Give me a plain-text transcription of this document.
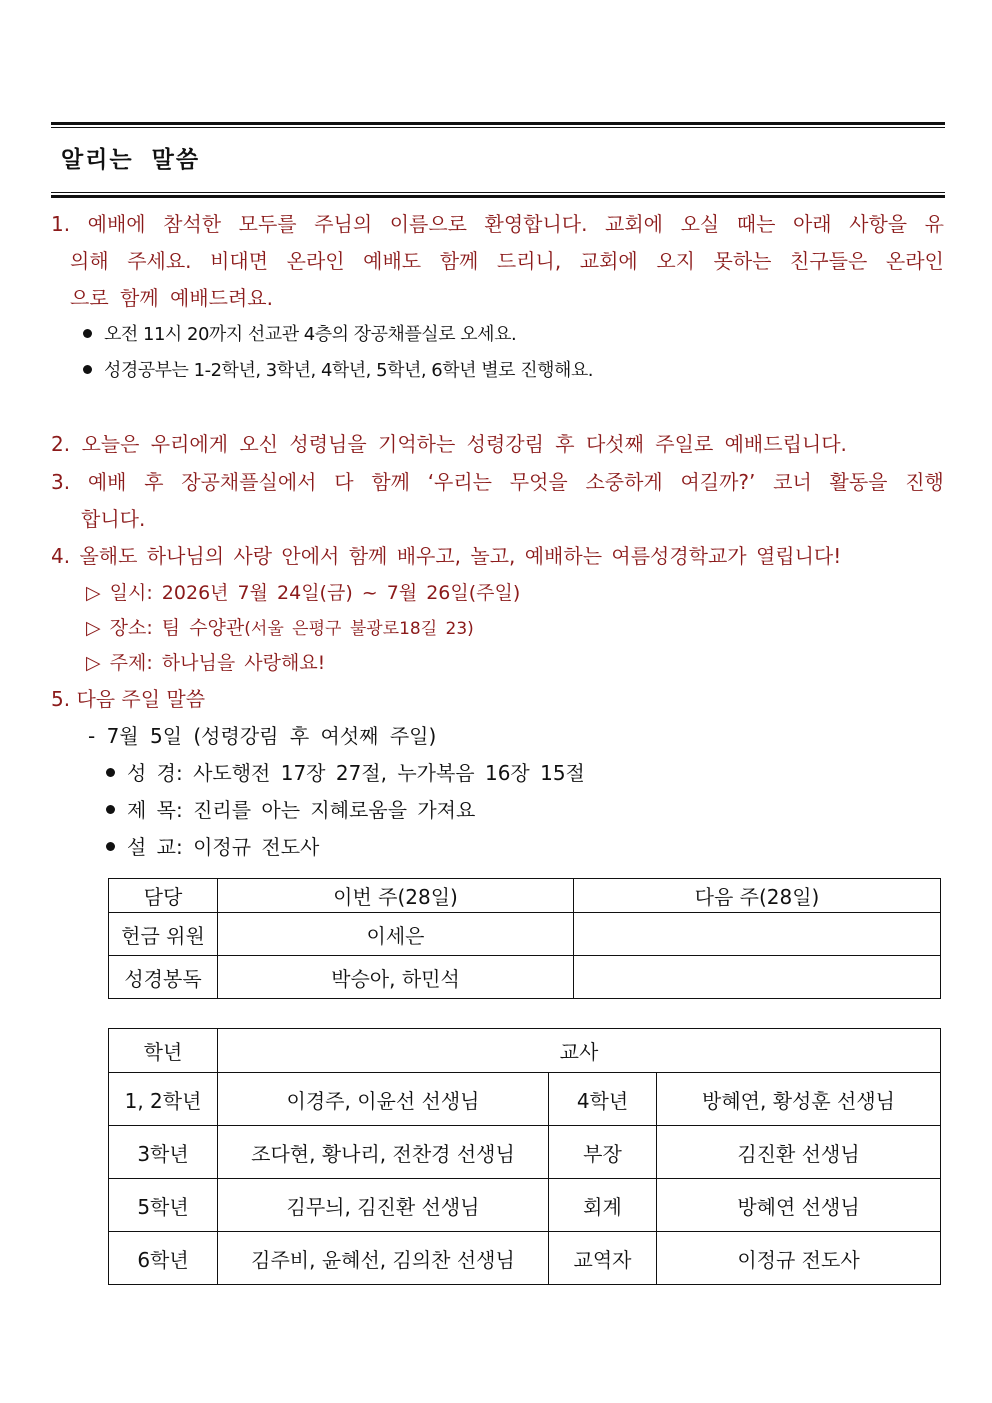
알리는 말씀
1. 예배에 참석한 모두를 주님의 이름으로 환영합니다. 교회에 오실 때는 아래 사항을 유
의해 주세요. 비대면 온라인 예배도 함께 드리니, 교회에 오지 못하는 친구들은 온라인
으로 함께 예배드려요.
오전 11시 20까지 선교관 4층의 장공채플실로 오세요.
성경공부는 1-2학년, 3학년, 4학년, 5학년, 6학년 별로 진행해요.
2. 오늘은 우리에게 오신 성령님을 기억하는 성령강림 후 다섯째 주일로 예배드립니다.
3. 예배 후 장공채플실에서 다 함께 ‘우리는 무엇을 소중하게 여길까?’ 코너 활동을 진행
합니다.
4. 올해도 하나님의 사랑 안에서 함께 배우고, 놀고, 예배하는 여름성경학교가 열립니다!
▷ 일시: 2026년 7월 24일(금) ~ 7월 26일(주일)
▷ 장소: 팀 수양관(서울 은평구 불광로18길 23)
▷ 주제: 하나님을 사랑해요!
5. 다음 주일 말씀
- 7월 5일 (성령강림 후 여섯째 주일)
성 경: 사도행전 17장 27절, 누가복음 16장 15절
제 목: 진리를 아는 지혜로움을 가져요
설 교: 이정규 전도사
담당	이번 주(28일)	다음 주(28일)
헌금 위원	이세은	
성경봉독	박승아, 하민석	
학년	교사		
1, 2학년	이경주, 이윤선 선생님	4학년	방혜연, 황성훈 선생님
3학년	조다현, 황나리, 전찬경 선생님	부장	김진환 선생님
5학년	김무늬, 김진환 선생님	회계	방혜연 선생님
6학년	김주비, 윤혜선, 김의찬 선생님	교역자	이정규 전도사
